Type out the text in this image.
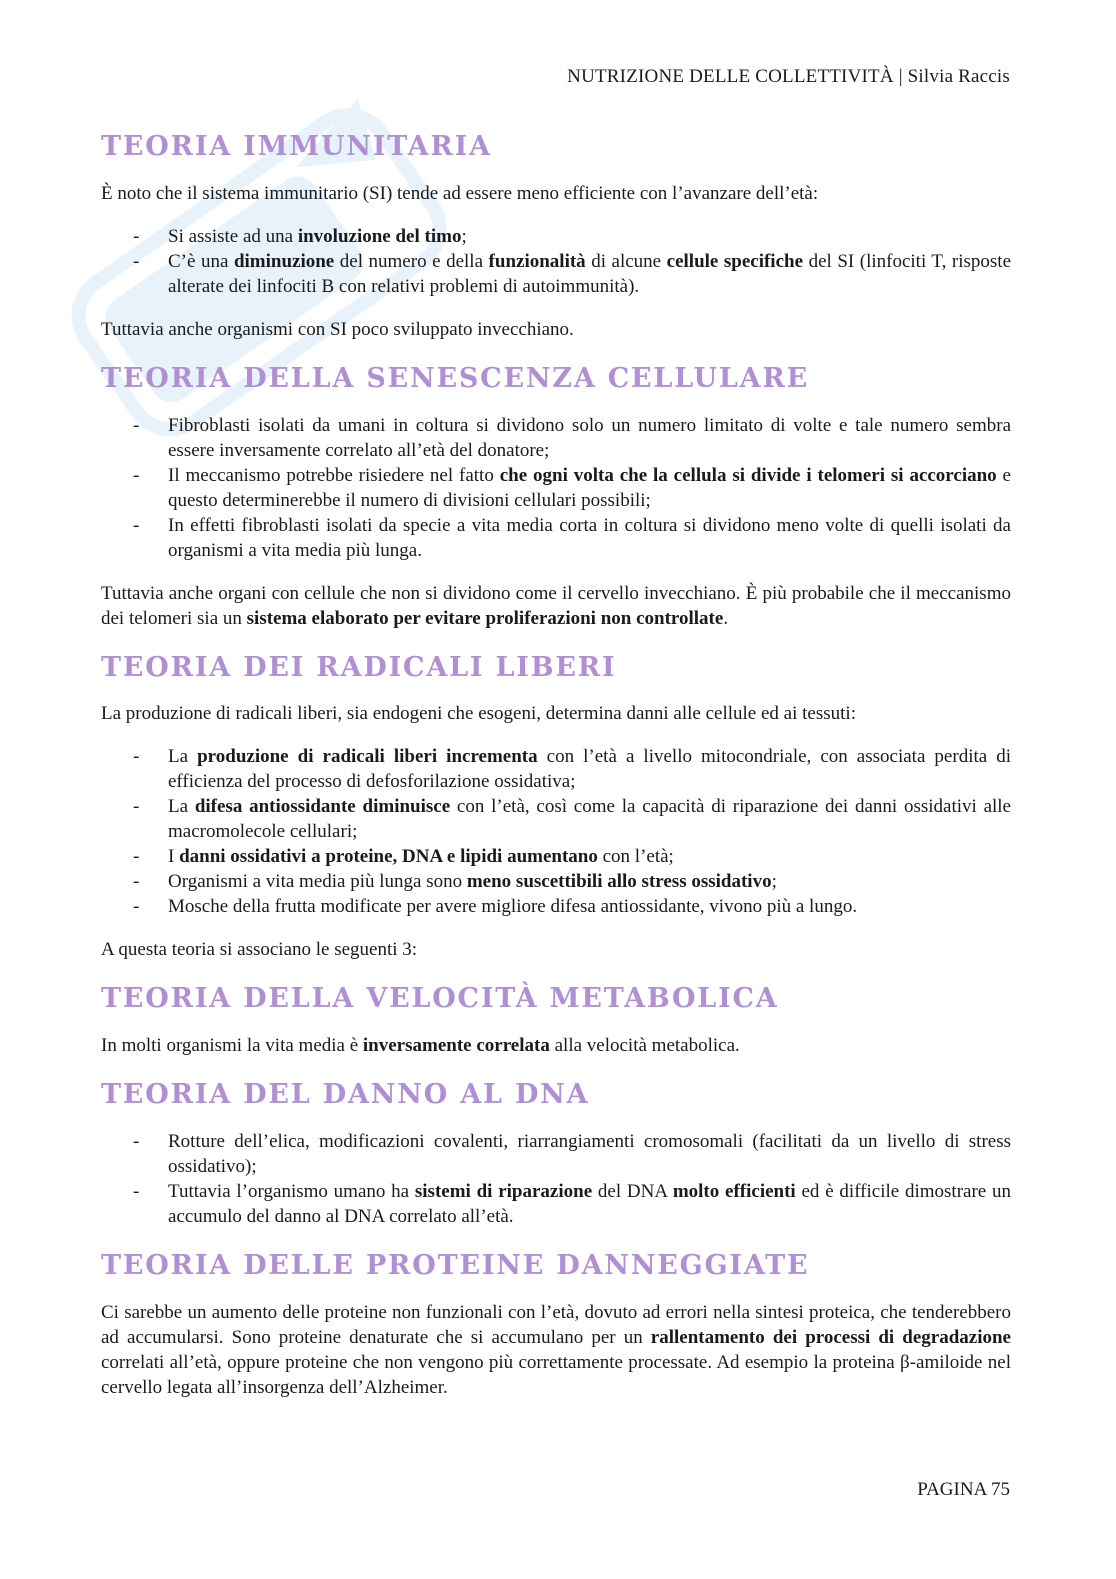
NUTRIZIONE DELLE COLLETTIVITÀ | Silvia Raccis
TEORIA IMMUNITARIA

È noto che il sistema immunitario (SI) tende ad essere meno efficiente con l’avanzare dell’età:

- Si assiste ad una involuzione del timo;
- C’è una diminuzione del numero e della funzionalità di alcune cellule specifiche del SI (linfociti T, risposte alterate dei linfociti B con relativi problemi di autoimmunità).

Tuttavia anche organismi con SI poco sviluppato invecchiano.

TEORIA DELLA SENESCENZA CELLULARE
- Fibroblasti isolati da umani in coltura si dividono solo un numero limitato di volte e tale numero sembra essere inversamente correlato all’età del donatore;
- Il meccanismo potrebbe risiedere nel fatto che ogni volta che la cellula si divide i telomeri si accorciano e questo determinerebbe il numero di divisioni cellulari possibili;
- In effetti fibroblasti isolati da specie a vita media corta in coltura si dividono meno volte di quelli isolati da organismi a vita media più lunga.

Tuttavia anche organi con cellule che non si dividono come il cervello invecchiano. È più probabile che il meccanismo dei telomeri sia un sistema elaborato per evitare proliferazioni non controllate.

TEORIA DEI RADICALI LIBERI

La produzione di radicali liberi, sia endogeni che esogeni, determina danni alle cellule ed ai tessuti:

- La produzione di radicali liberi incrementa con l’età a livello mitocondriale, con associata perdita di efficienza del processo di defosforilazione ossidativa;
- La difesa antiossidante diminuisce con l’età, così come la capacità di riparazione dei danni ossidativi alle macromolecole cellulari;
- I danni ossidativi a proteine, DNA e lipidi aumentano con l’età;
- Organismi a vita media più lunga sono meno suscettibili allo stress ossidativo;
- Mosche della frutta modificate per avere migliore difesa antiossidante, vivono più a lungo.

A questa teoria si associano le seguenti 3:

TEORIA DELLA VELOCITÀ METABOLICA

In molti organismi la vita media è inversamente correlata alla velocità metabolica.

TEORIA DEL DANNO AL DNA
- Rotture dell’elica, modificazioni covalenti, riarrangiamenti cromosomali (facilitati da un livello di stress ossidativo);
- Tuttavia l’organismo umano ha sistemi di riparazione del DNA molto efficienti ed è difficile dimostrare un accumulo del danno al DNA correlato all’età.
TEORIA DELLE PROTEINE DANNEGGIATE

Ci sarebbe un aumento delle proteine non funzionali con l’età, dovuto ad errori nella sintesi proteica, che tenderebbero ad accumularsi. Sono proteine denaturate che si accumulano per un rallentamento dei processi di degradazione correlati all’età, oppure proteine che non vengono più correttamente processate. Ad esempio la proteina β-amiloide nel cervello legata all’insorgenza dell’Alzheimer.

PAGINA 75
